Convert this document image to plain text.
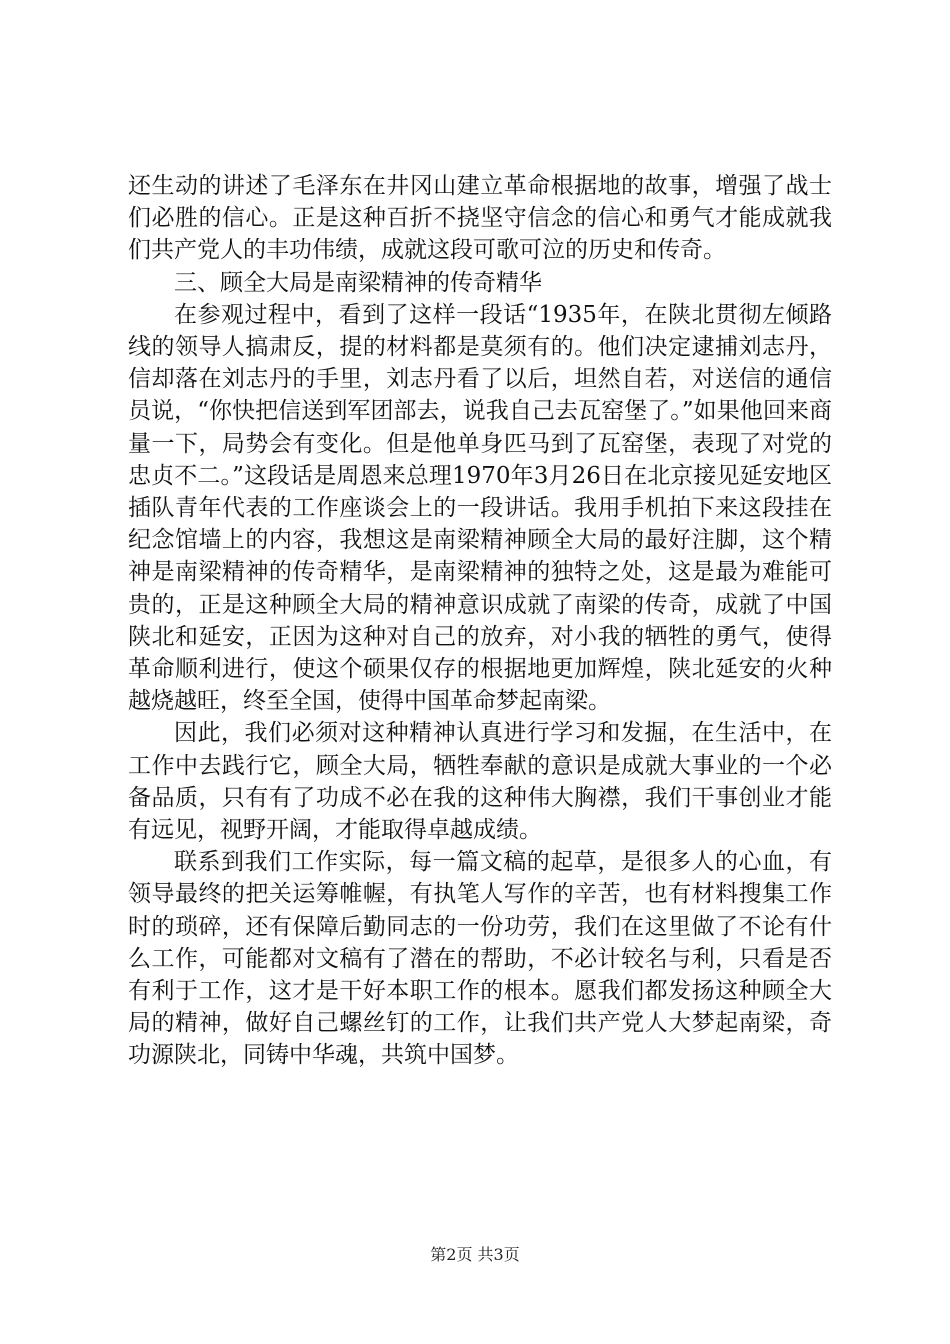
还生动的讲述了毛泽东在井冈山建立革命根据地的故事，增强了战士们必胜的信心。正是这种百折不挠坚守信念的信心和勇气才能成就我们共产党人的丰功伟绩，成就这段可歌可泣的历史和传奇。

三、顾全大局是南梁精神的传奇精华

在参观过程中，看到了这样一段话“1935年，在陕北贯彻左倾路线的领导人搞肃反，提的材料都是莫须有的。他们决定逮捕刘志丹，信却落在刘志丹的手里，刘志丹看了以后，坦然自若，对送信的通信员说，“你快把信送到军团部去，说我自己去瓦窑堡了。”如果他回来商量一下，局势会有变化。但是他单身匹马到了瓦窑堡，表现了对党的忠贞不二。”这段话是周恩来总理1970年3月26日在北京接见延安地区插队青年代表的工作座谈会上的一段讲话。我用手机拍下来这段挂在纪念馆墙上的内容，我想这是南梁精神顾全大局的最好注脚，这个精神是南梁精神的传奇精华，是南梁精神的独特之处，这是最为难能可贵的，正是这种顾全大局的精神意识成就了南梁的传奇，成就了中国陕北和延安，正因为这种对自己的放弃，对小我的牺牲的勇气，使得革命顺利进行，使这个硕果仅存的根据地更加辉煌，陕北延安的火种越烧越旺，终至全国，使得中国革命梦起南梁。

因此，我们必须对这种精神认真进行学习和发掘，在生活中，在工作中去践行它，顾全大局，牺牲奉献的意识是成就大事业的一个必备品质，只有有了功成不必在我的这种伟大胸襟，我们干事创业才能有远见，视野开阔，才能取得卓越成绩。

联系到我们工作实际，每一篇文稿的起草，是很多人的心血，有领导最终的把关运筹帷幄，有执笔人写作的辛苦，也有材料搜集工作时的琐碎，还有保障后勤同志的一份功劳，我们在这里做了不论有什么工作，可能都对文稿有了潜在的帮助，不必计较名与利，只看是否有利于工作，这才是干好本职工作的根本。愿我们都发扬这种顾全大局的精神，做好自己螺丝钉的工作，让我们共产党人大梦起南梁，奇功源陕北，同铸中华魂，共筑中国梦。

第2页 共3页
